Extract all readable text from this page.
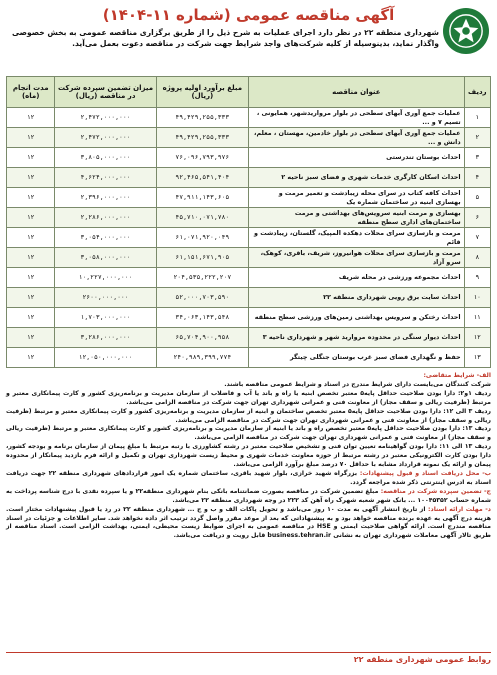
آگهی مناقصه عمومی (شماره ۱۱-۱۴۰۴)
شهرداری منطقه ۲۲ در نظر دارد اجرای عملیات به شرح ذیل را از طریق برگزاری مناقصه عمومی به بخش خصوصی واگذار نماید، بدینوسیله از کلیه شرکت‌های واجد شرایط جهت شرکت در مناقصه دعوت بعمل می‌آید.
ردیف	عنوان مناقصه	مبلغ برآورد اولیه پروژه (ریال)	میزان تضمین سپرده شرکت در مناقصه (ریال)	مدت انجام (ماه)
۱	عملیات جمع آوری آبهای سطحی در بلوار مروارید‌شهر، همایونی ، تسیم ۷ و ...	۴۹,۴۲۹,۲۵۵,۳۳۳	۲,۴۷۲,۰۰۰,۰۰۰	۱۲
۲	عملیات جمع آوری آبهای سطحی در بلوار خادمین، مهستان ، معلم، دانش و ...	۴۹,۴۲۹,۲۵۵,۳۳۳	۲,۴۷۲,۰۰۰,۰۰۰	۱۲
۳	احداث بوستان تندرستی	۷۶,۰۹۶,۷۹۳,۹۷۶	۳,۸۰۵,۰۰۰,۰۰۰	۱۲
۴	احداث اسکان کارگری خدمات شهری و فضای سبز ناحیه ۲	۹۲,۴۶۵,۵۴۱,۴۰۴	۴,۶۲۴,۰۰۰,۰۰۰	۱۲
۵	احداث کافه کتاب در سرای محله زیبادشت و تعمیر مرمت و بهسازی ابنیه در ساختمان شماره یک	۴۷,۹۱۱,۱۴۳,۶۰۵	۲,۳۹۶,۰۰۰,۰۰۰	۱۲
۶	بهسازی و مرمت ابنیه سرویس‌های بهداشتی و مرمت ساختمان‌های اداری سطح منطقه	۴۵,۷۱۰,۰۷۱,۷۸۰	۲,۲۸۶,۰۰۰,۰۰۰	۱۲
۷	مرمت و بازسازی سرای محلات دهکده المپیک، گلستان، زیبادشت و قائم	۶۱,۰۷۱,۹۲۰,۰۴۹	۳,۰۵۴,۰۰۰,۰۰۰	۱۲
۸	مرمت و بازسازی سرای محلات هوانیروز، شریف، باقری، کوهک، سرو آزاد	۶۱,۱۵۱,۶۷۱,۹۰۵	۳,۰۵۸,۰۰۰,۰۰۰	۱۲
۹	احداث مجموعه ورزشی در محله شریف	۲۰۴,۵۳۵,۲۲۲,۲۰۷	۱۰,۲۲۷,۰۰۰,۰۰۰	۱۲
۱۰	احداث سایت برق رویی شهرداری منطقه ۲۲	۵۲,۰۰۰,۷۰۳,۵۹۰	۲۶۰۰,۰۰۰,۰۰۰	۱۲
۱۱	احداث رختکن و سرویس بهداشتی زمین‌های ورزشی سطح منطقه	۳۴,۰۶۳,۱۴۳,۵۴۸	۱,۷۰۳,۰۰۰,۰۰۰	۱۲
۱۲	احداث دیوار سنگی در محدوده مروارید شهر و شهرداری ناحیه ۳	۶۵,۷۰۴,۹۰۰,۹۵۸	۳,۲۸۶,۰۰۰,۰۰۰	۱۲
۱۳	حفظ و نگهداری فضای سبز غرب بوستان جنگلی چیتگر	۲۴۰,۹۸۹,۳۹۹,۷۷۴	۱۲,۰۵۰,۰۰۰,۰۰۰	۱۲

الف- شرایط متقاضی:

شرکت کنندگان می‌بایست دارای شرایط مندرج در اسناد و شرایط عمومی مناقصه باشند.

ردیف ۱و۲: دارا بودن صلاحیت حداقل پایه۵ معتبر تخصص ابنیه یا راه و باند یا آب و فاضلاب از سازمان مدیریت و برنامه‌ریزی کشور و کارت پیمانکاری معتبر و مرتبط (ظرفیت ریالی و سقف مجاز) از معاونت فنی و عمرانی شهرداری تهران جهت شرکت در مناقصه الزامی می‌باشد.

ردیف ۳ الی ۱۲: دارا بودن صلاحیت حداقل پایه۵ معتبر تخصص ساختمان و ابنیه از سازمان مدیریت و برنامه‌ریزی کشور و کارت پیمانکاری معتبر و مرتبط (ظرفیت ریالی و سقف مجاز) از معاونت فنی و عمرانی شهرداری تهران جهت شرکت در مناقصه الزامی می‌باشد.

ردیف ۱۳: دارا بودن صلاحیت حداقل پایه۵ معتبر تخصص راه و باند یا ابنیه از سازمان مدیریت و برنامه‌ریزی کشور و کارت پیمانکاری معتبر و مرتبط (ظرفیت ریالی و سقف مجاز) از معاونت فنی و عمرانی شهرداری تهران جهت شرکت در مناقصه الزامی می‌باشد.

ردیف ۱۳ الی ۱۱: دارا بودن گواهینامه تعیین توان فنی و تشخیص صلاحیت معتبر در رشته کشاورزی با رتبه مرتبط با مبلغ پیمان از سازمان برنامه و بودجه کشور، دارا بودن کارت الکترونیکی معتبر در رشته مرتبط از حوزه معاونت خدمات شهری و محیط زیست شهرداری تهران و تکمیل و ارائه فرم بازدید پیمانکار از محدوده پیمان و ارائه یک نمونه قرارداد مشابه با حداقل ۷۰ درصد مبلغ برآورد الزامی می‌باشد.

ب- محل دریافت اسناد و قبول پیشنهادات: بزرگراه شهید خرازی، بلوار شهید باقری، ساختمان شماره یک امور قراردادهای شهرداری منطقه ۲۲ جهت دریافت اسناد به ادرس اینترنتی ذکر شده مراجعه گردد.

ج- تضمین سپرده شرکت در مناقصه: مبلغ تضمین شرکت در مناقصه بصورت ضمانتنامه بانکی بنام شهرداری منطقه۲۲ و یا سپرده نقدی با درج شناسه پرداخت به شماره حساب ۱۰۰۴۵۳۵۲ ... بانک شهر شعبه شهرک راه آهن کد ۲۲۲ در وجه شهرداری منطقه ۲۲ می‌باشد.

د- مهلت ارائه اسناد: از تاریخ انتشار آگهی به مدت ۱۰ روز می‌باشد و تحویل پاکات الف و ب و ج ... شهرداری منطقه ۲۲ در رد یا قبول پیشنهادات مختار است. هزینه درج آگهی به عهده برنده مناقصه خواهد بود و به پیشنهاداتی که بعد از موعد مقرر واصل گردد ترتیب اثر داده نخواهد شد. سایر اطلاعات و جزئیات در اسناد مناقصه مندرج است. ارائه گواهی صلاحیت ایمنی و HSE در مناقصه عمومی به اجرای ضوابط زیست محیطی، ایمنی، بهداشت الزامی است. اسناد مناقصه از طریق تالار آگهی معاملات شهرداری تهران به نشانی business.tehran.ir قابل رویت و دریافت می‌باشد.

روابط عمومی شهرداری منطقه ۲۲
